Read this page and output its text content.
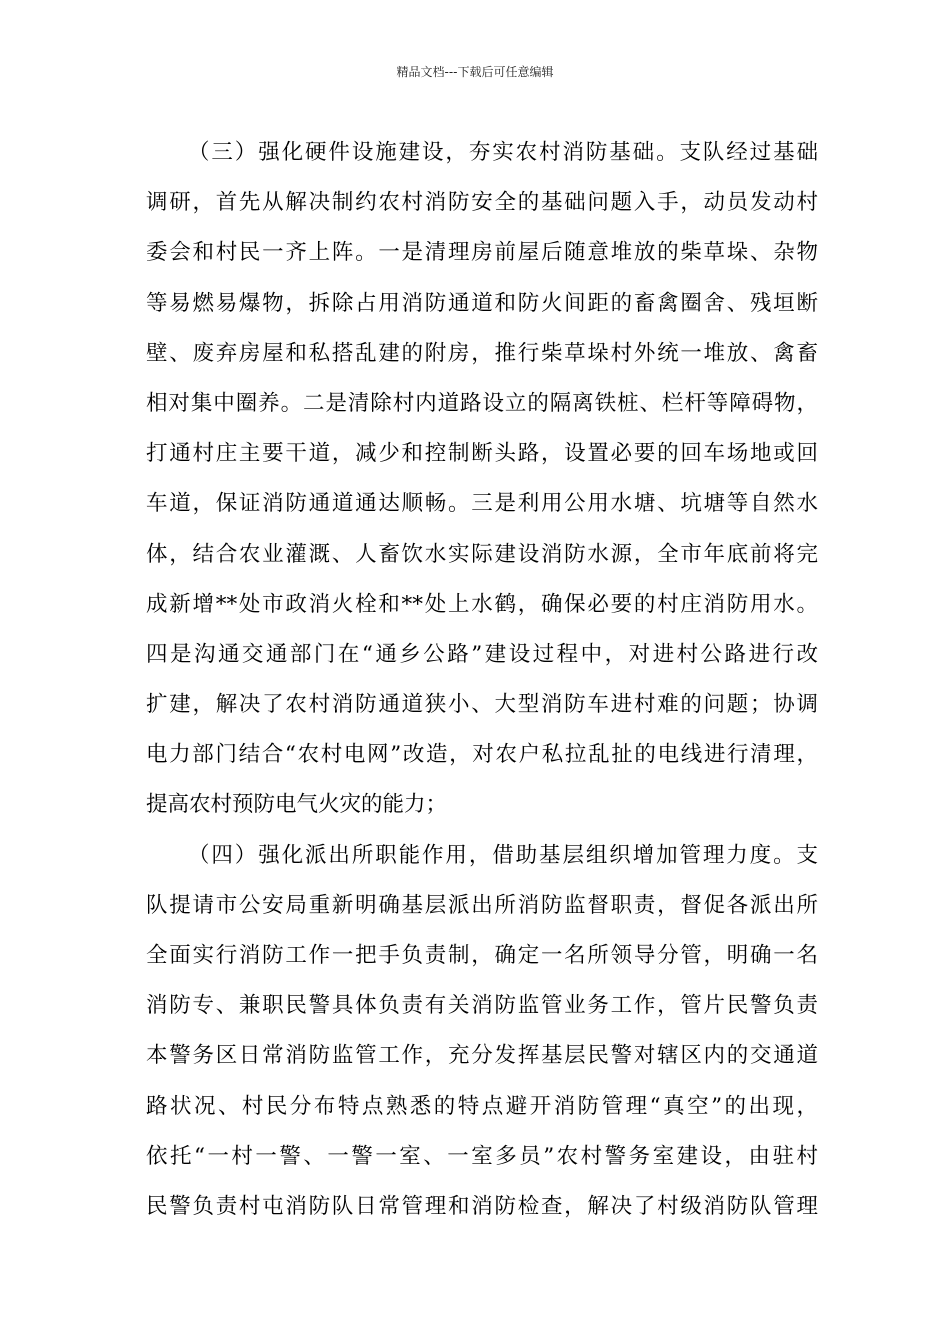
精品文档---下载后可任意编辑
（三）强化硬件设施建设，夯实农村消防基础。支队经过基础
调研，首先从解决制约农村消防安全的基础问题入手，动员发动村
委会和村民一齐上阵。一是清理房前屋后随意堆放的柴草垛、杂物
等易燃易爆物，拆除占用消防通道和防火间距的畜禽圈舍、残垣断
壁、废弃房屋和私搭乱建的附房，推行柴草垛村外统一堆放、禽畜
相对集中圈养。二是清除村内道路设立的隔离铁桩、栏杆等障碍物，
打通村庄主要干道，减少和控制断头路，设置必要的回车场地或回
车道，保证消防通道通达顺畅。三是利用公用水塘、坑塘等自然水
体，结合农业灌溉、人畜饮水实际建设消防水源，全市年底前将完
成新增**处市政消火栓和**处上水鹤，确保必要的村庄消防用水。
四是沟通交通部门在“通乡公路”建设过程中，对进村公路进行改
扩建，解决了农村消防通道狭小、大型消防车进村难的问题；协调
电力部门结合“农村电网”改造，对农户私拉乱扯的电线进行清理，
提高农村预防电气火灾的能力；
（四）强化派出所职能作用，借助基层组织增加管理力度。支
队提请市公安局重新明确基层派出所消防监督职责，督促各派出所
全面实行消防工作一把手负责制，确定一名所领导分管，明确一名
消防专、兼职民警具体负责有关消防监管业务工作，管片民警负责
本警务区日常消防监管工作，充分发挥基层民警对辖区内的交通道
路状况、村民分布特点熟悉的特点避开消防管理“真空”的出现，
依托“一村一警、一警一室、一室多员”农村警务室建设，由驻村
民警负责村屯消防队日常管理和消防检查，解决了村级消防队管理
